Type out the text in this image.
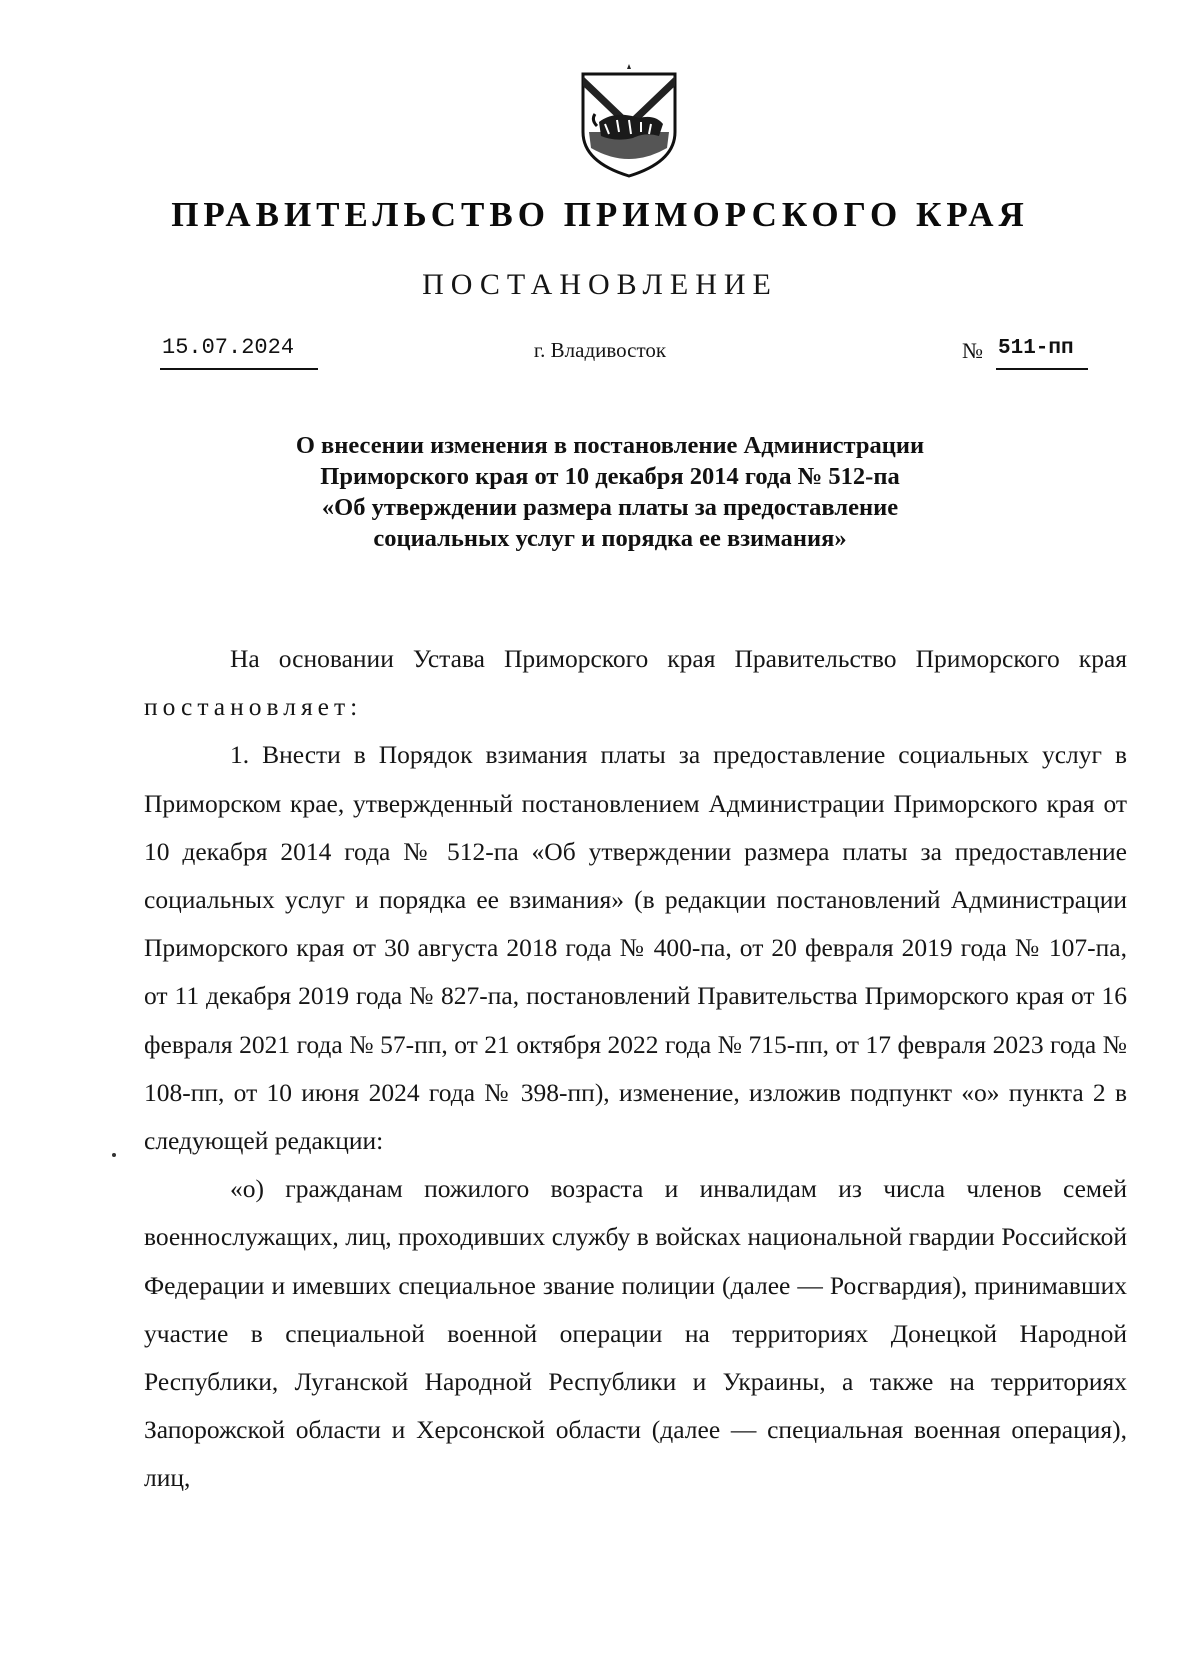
ПРАВИТЕЛЬСТВО ПРИМОРСКОГО КРАЯ
ПОСТАНОВЛЕНИЕ
15.07.2024	г. Владивосток	№ 511-пп
О внесении изменения в постановление Администрации
Приморского края от 10 декабря 2014 года № 512-па
«Об утверждении размера платы за предоставление
социальных услуг и порядка ее взимания»

На основании Устава Приморского края Правительство Приморского края постановляет:

1. Внести в Порядок взимания платы за предоставление социальных услуг в Приморском крае, утвержденный постановлением Администрации Приморского края от 10 декабря 2014 года № 512-па «Об утверждении размера платы за предоставление социальных услуг и порядка ее взимания» (в редакции постановлений Администрации Приморского края от 30 августа 2018 года № 400-па, от 20 февраля 2019 года № 107-па, от 11 декабря 2019 года № 827-па, постановлений Правительства Приморского края от 16 февраля 2021 года № 57-пп, от 21 октября 2022 года № 715-пп, от 17 февраля 2023 года № 108-пп, от 10 июня 2024 года № 398-пп), изменение, изложив подпункт «о» пункта 2 в следующей редакции:

«о) гражданам пожилого возраста и инвалидам из числа членов семей военнослужащих, лиц, проходивших службу в войсках национальной гвардии Российской Федерации и имевших специальное звание полиции (далее — Росгвардия), принимавших участие в специальной военной операции на территориях Донецкой Народной Республики, Луганской Народной Республики и Украины, а также на территориях Запорожской области и Херсонской области (далее — специальная военная операция), лиц,
